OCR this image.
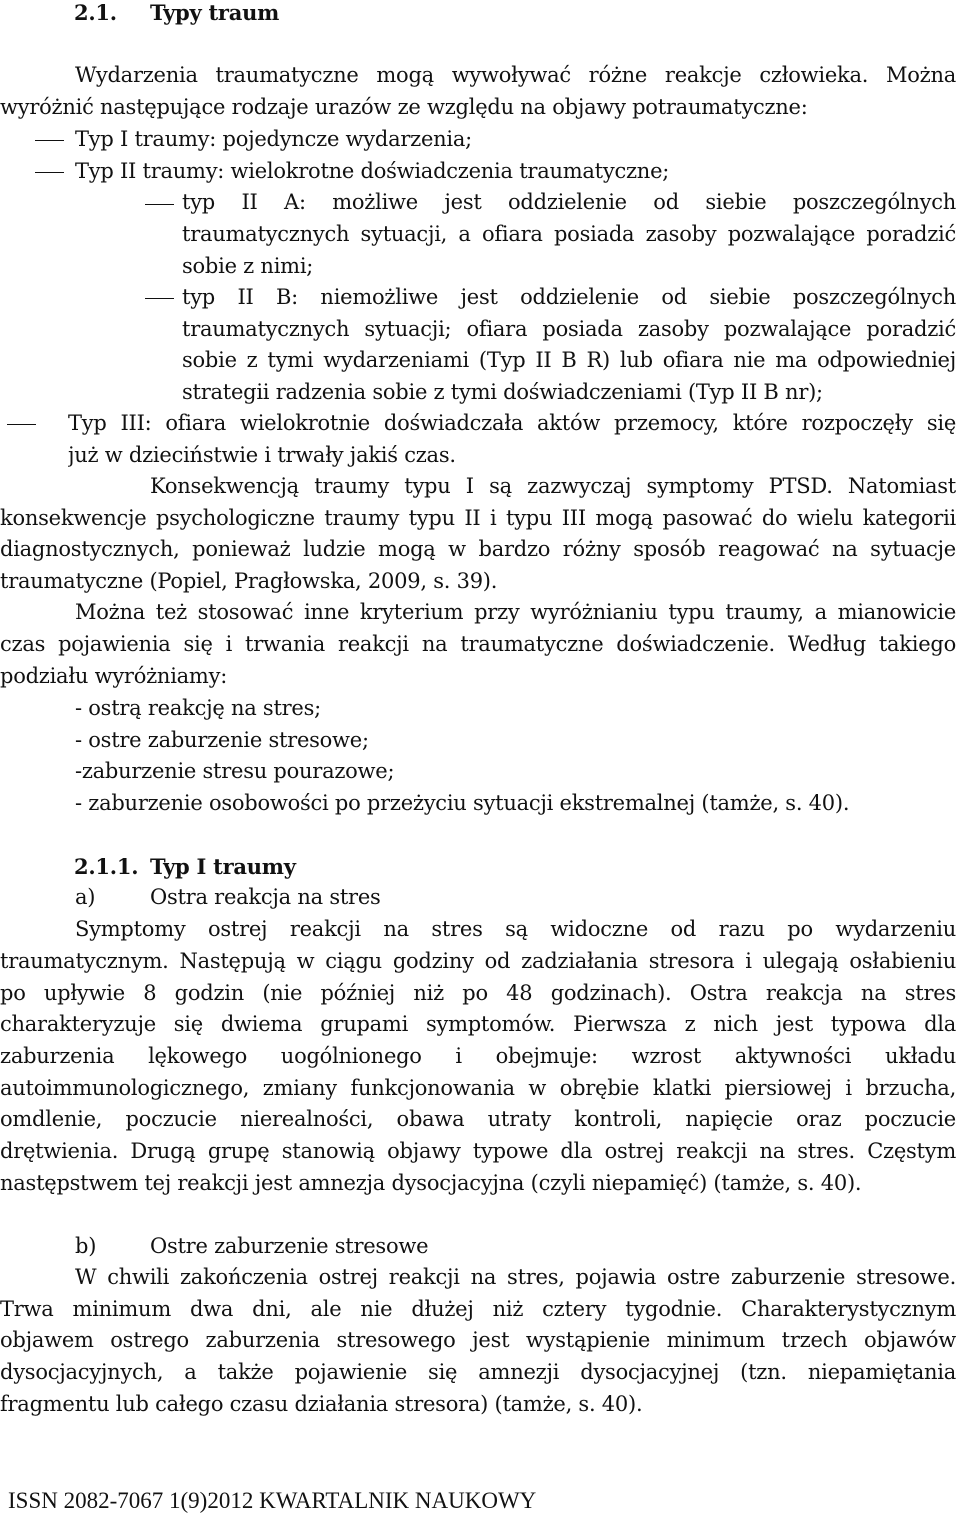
2.1. Typy traum
Wydarzenia traumatyczne mogą wywoływać różne reakcje człowieka. Można
wyróżnić następujące rodzaje urazów ze względu na objawy potraumatyczne:
Typ I traumy: pojedyncze wydarzenia;
Typ II traumy: wielokrotne doświadczenia traumatyczne;
typ II A: możliwe jest oddzielenie od siebie poszczególnych
traumatycznych sytuacji, a ofiara posiada zasoby pozwalające poradzić
sobie z nimi;
typ II B: niemożliwe jest oddzielenie od siebie poszczególnych
traumatycznych sytuacji; ofiara posiada zasoby pozwalające poradzić
sobie z tymi wydarzeniami (Typ II B R) lub ofiara nie ma odpowiedniej
strategii radzenia sobie z tymi doświadczeniami (Typ II B nr);
Typ III: ofiara wielokrotnie doświadczała aktów przemocy, które rozpoczęły się
już w dzieciństwie i trwały jakiś czas.
Konsekwencją traumy typu I są zazwyczaj symptomy PTSD. Natomiast
konsekwencje psychologiczne traumy typu II i typu III mogą pasować do wielu kategorii
diagnostycznych, ponieważ ludzie mogą w bardzo różny sposób reagować na sytuacje
traumatyczne (Popiel, Pragłowska, 2009, s. 39).
Można też stosować inne kryterium przy wyróżnianiu typu traumy, a mianowicie
czas pojawienia się i trwania reakcji na traumatyczne doświadczenie. Według takiego
podziału wyróżniamy:
- ostrą reakcję na stres;
- ostre zaburzenie stresowe;
-zaburzenie stresu pourazowe;
- zaburzenie osobowości po przeżyciu sytuacji ekstremalnej (tamże, s. 40).
2.1.1. Typ I traumy
a)	Ostra reakcja na stres
Symptomy ostrej reakcji na stres są widoczne od razu po wydarzeniu
traumatycznym. Następują w ciągu godziny od zadziałania stresora i ulegają osłabieniu
po upływie 8 godzin (nie później niż po 48 godzinach). Ostra reakcja na stres
charakteryzuje się dwiema grupami symptomów. Pierwsza z nich jest typowa dla
zaburzenia lękowego uogólnionego i obejmuje: wzrost aktywności układu
autoimmunologicznego, zmiany funkcjonowania w obrębie klatki piersiowej i brzucha,
omdlenie, poczucie nierealności, obawa utraty kontroli, napięcie oraz poczucie
drętwienia. Drugą grupę stanowią objawy typowe dla ostrej reakcji na stres. Częstym
następstwem tej reakcji jest amnezja dysocjacyjna (czyli niepamięć) (tamże, s. 40).
b)	Ostre zaburzenie stresowe
W chwili zakończenia ostrej reakcji na stres, pojawia ostre zaburzenie stresowe.
Trwa minimum dwa dni, ale nie dłużej niż cztery tygodnie. Charakterystycznym
objawem ostrego zaburzenia stresowego jest wystąpienie minimum trzech objawów
dysocjacyjnych, a także pojawienie się amnezji dysocjacyjnej (tzn. niepamiętania
fragmentu lub całego czasu działania stresora) (tamże, s. 40).
ISSN 2082-7067 1(9)2012 KWARTALNIK NAUKOWY
